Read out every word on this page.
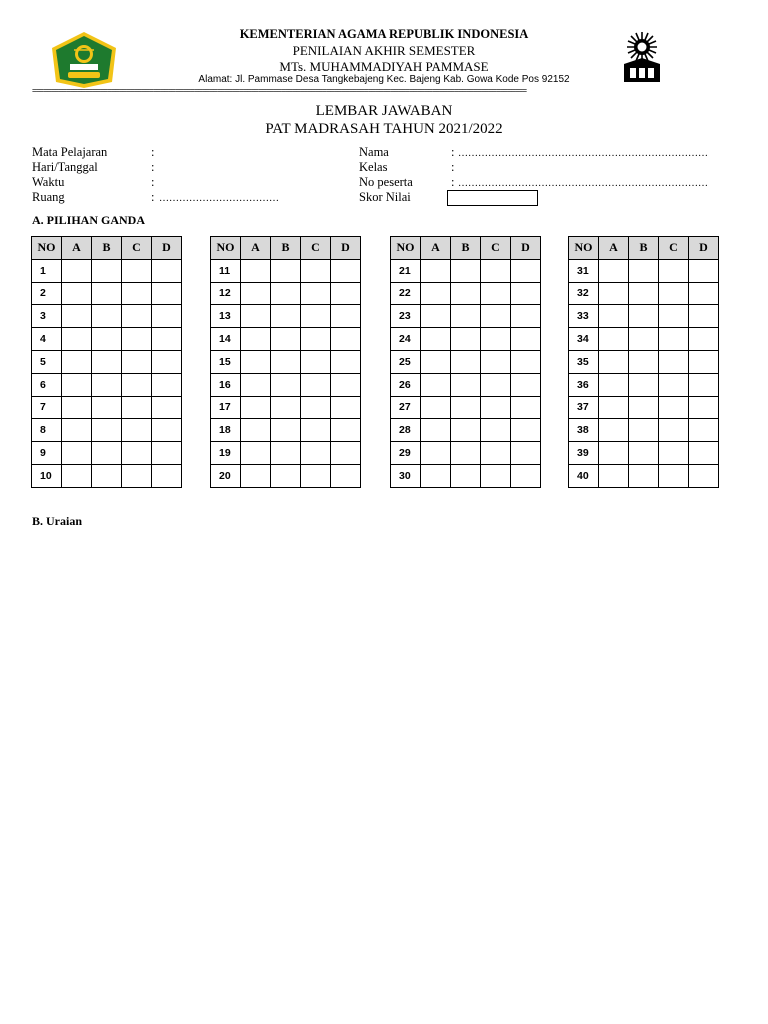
KEMENTERIAN AGAMA REPUBLIK INDONESIA
PENILAIAN AKHIR SEMESTER
MTs. MUHAMMADIYAH PAMMASE
Alamat: Jl. Pammase Desa Tangkebajeng Kec. Bajeng Kab. Gowa Kode Pos 92152
===================================================================================================================================
LEMBAR JAWABAN
PAT MADRASAH TAHUN 2021/2022
Mata Pelajaran	:
Hari/Tanggal	:
Waktu	:
Ruang	: ………………………………
Nama	: …………………………………………………………………
Kelas	:
No peserta	: …………………………………………………………………
Skor Nilai
A. PILIHAN GANDA
NO	A	B	C	D
1				
2				
3				
4				
5				
6				
7				
8				
9				
10				
NO	A	B	C	D
11				
12				
13				
14				
15				
16				
17				
18				
19				
20				
NO	A	B	C	D
21				
22				
23				
24				
25				
26				
27				
28				
29				
30				
NO	A	B	C	D
31				
32				
33				
34				
35				
36				
37				
38				
39				
40				
B. Uraian
